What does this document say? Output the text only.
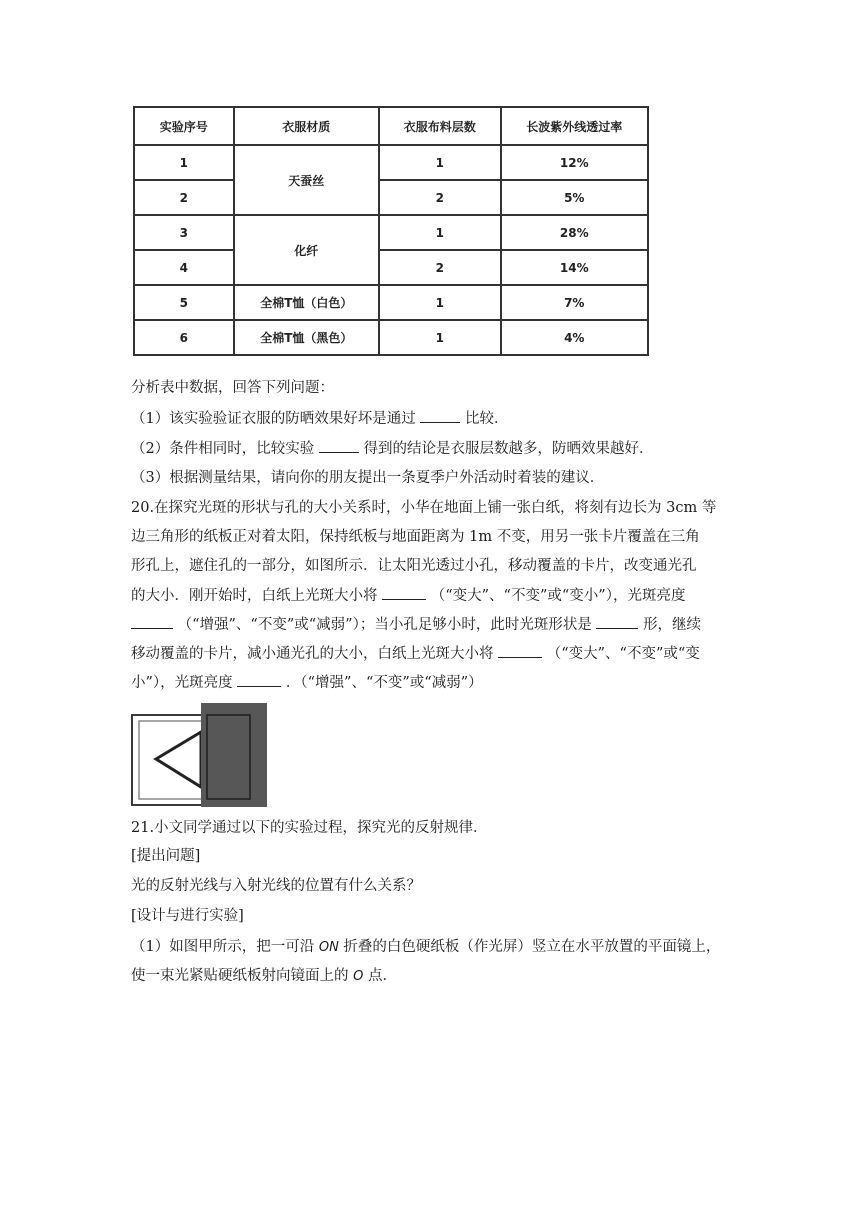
实验序号	衣服材质	衣服布料层数	长波紫外线透过率
1	天蚕丝	1	12%
2		2	5%
3	化纤	1	28%
4		2	14%
5	全棉T恤（白色）	1	7%
6	全棉T恤（黑色）	1	4%
分析表中数据，回答下列问题：
（1）该实验验证衣服的防晒效果好坏是通过	比较．
（2）条件相同时，比较实验	得到的结论是衣服层数越多，防晒效果越好．
（3）根据测量结果，请向你的朋友提出一条夏季户外活动时着装的建议．
20.在探究光斑的形状与孔的大小关系时，小华在地面上铺一张白纸，将刻有边长为 3cm 等
边三角形的纸板正对着太阳，保持纸板与地面距离为 1m 不变，用另一张卡片覆盖在三角
形孔上，遮住孔的一部分，如图所示．让太阳光透过小孔，移动覆盖的卡片，改变通光孔
的大小．刚开始时，白纸上光斑大小将	（“变大”、“不变”或“变小”），光斑亮度
（“增强”、“不变”或“减弱”）；当小孔足够小时，此时光斑形状是	形，继续
移动覆盖的卡片，减小通光孔的大小，白纸上光斑大小将	（“变大”、“不变”或“变
小”），光斑亮度	．（“增强”、“不变”或“减弱”）
21.小文同学通过以下的实验过程，探究光的反射规律．
[提出问题]
光的反射光线与入射光线的位置有什么关系？
[设计与进行实验]
（1）如图甲所示，把一可沿 ON 折叠的白色硬纸板（作光屏）竖立在水平放置的平面镜上，
使一束光紧贴硬纸板射向镜面上的 O 点．
